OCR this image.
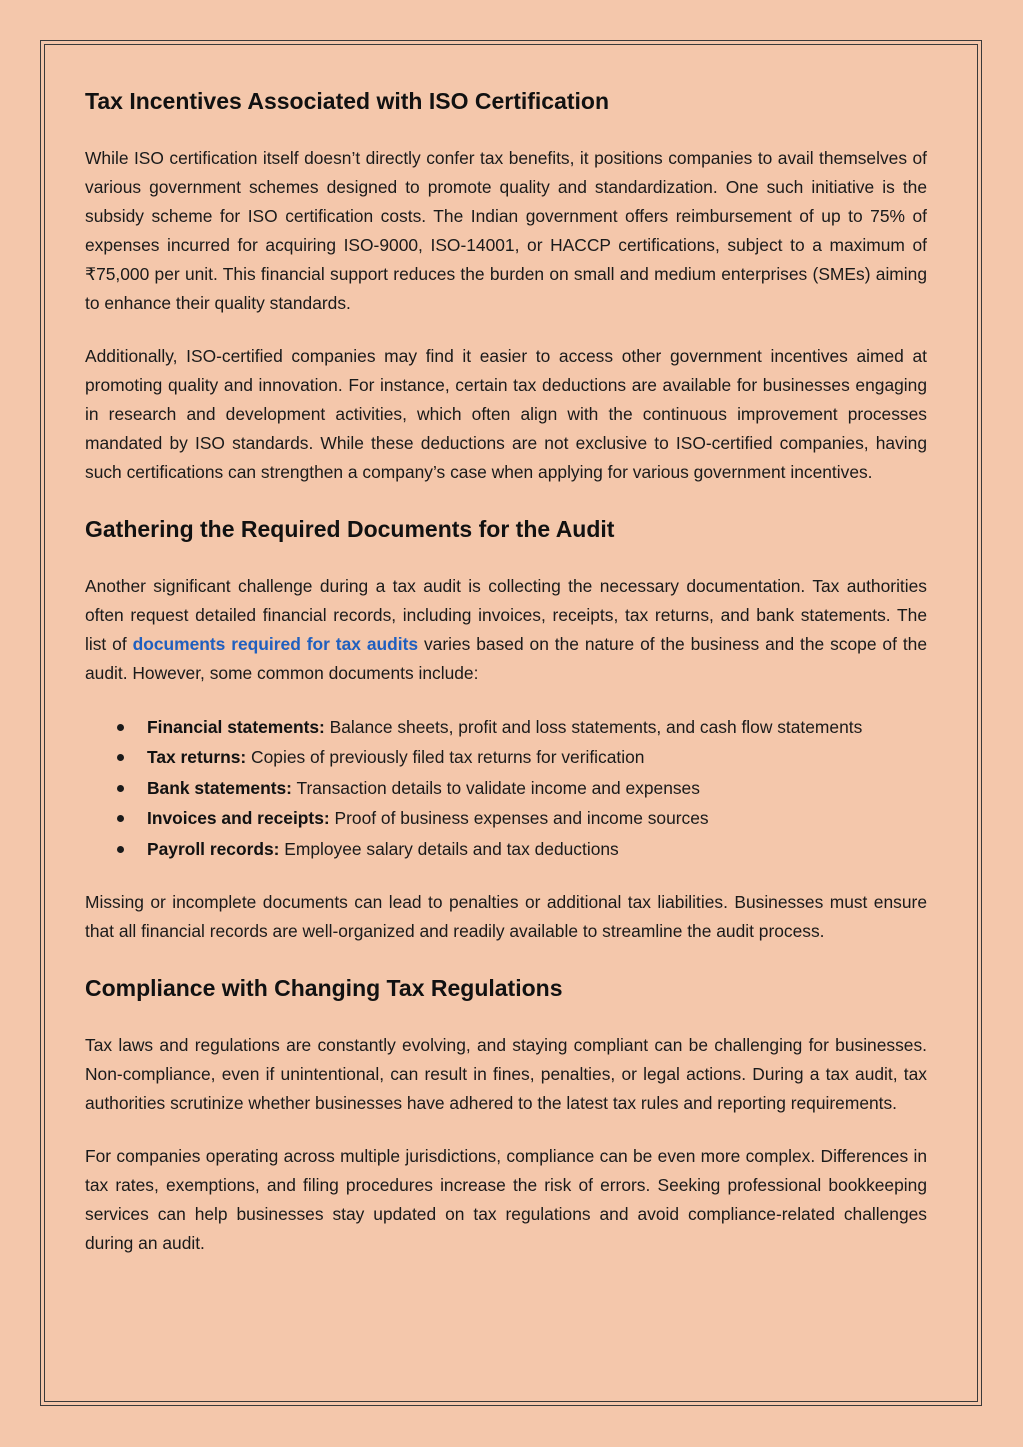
Tax Incentives Associated with ISO Certification

While ISO certification itself doesn’t directly confer tax benefits, it positions companies to avail themselves of various government schemes designed to promote quality and standardization. One such initiative is the subsidy scheme for ISO certification costs. The Indian government offers reimbursement of up to 75% of expenses incurred for acquiring ISO-9000, ISO-14001, or HACCP certifications, subject to a maximum of ₹75,000 per unit. This financial support reduces the burden on small and medium enterprises (SMEs) aiming to enhance their quality standards.

Additionally, ISO-certified companies may find it easier to access other government incentives aimed at promoting quality and innovation. For instance, certain tax deductions are available for businesses engaging in research and development activities, which often align with the continuous improvement processes mandated by ISO standards. While these deductions are not exclusive to ISO-certified companies, having such certifications can strengthen a company’s case when applying for various government incentives.

Gathering the Required Documents for the Audit

Another significant challenge during a tax audit is collecting the necessary documentation. Tax authorities often request detailed financial records, including invoices, receipts, tax returns, and bank statements. The list of documents required for tax audits varies based on the nature of the business and the scope of the audit. However, some common documents include:

Financial statements: Balance sheets, profit and loss statements, and cash flow statements
Tax returns: Copies of previously filed tax returns for verification
Bank statements: Transaction details to validate income and expenses
Invoices and receipts: Proof of business expenses and income sources
Payroll records: Employee salary details and tax deductions

Missing or incomplete documents can lead to penalties or additional tax liabilities. Businesses must ensure that all financial records are well-organized and readily available to streamline the audit process.

Compliance with Changing Tax Regulations

Tax laws and regulations are constantly evolving, and staying compliant can be challenging for businesses. Non-compliance, even if unintentional, can result in fines, penalties, or legal actions. During a tax audit, tax authorities scrutinize whether businesses have adhered to the latest tax rules and reporting requirements.

For companies operating across multiple jurisdictions, compliance can be even more complex. Differences in tax rates, exemptions, and filing procedures increase the risk of errors. Seeking professional bookkeeping services can help businesses stay updated on tax regulations and avoid compliance-related challenges during an audit.
